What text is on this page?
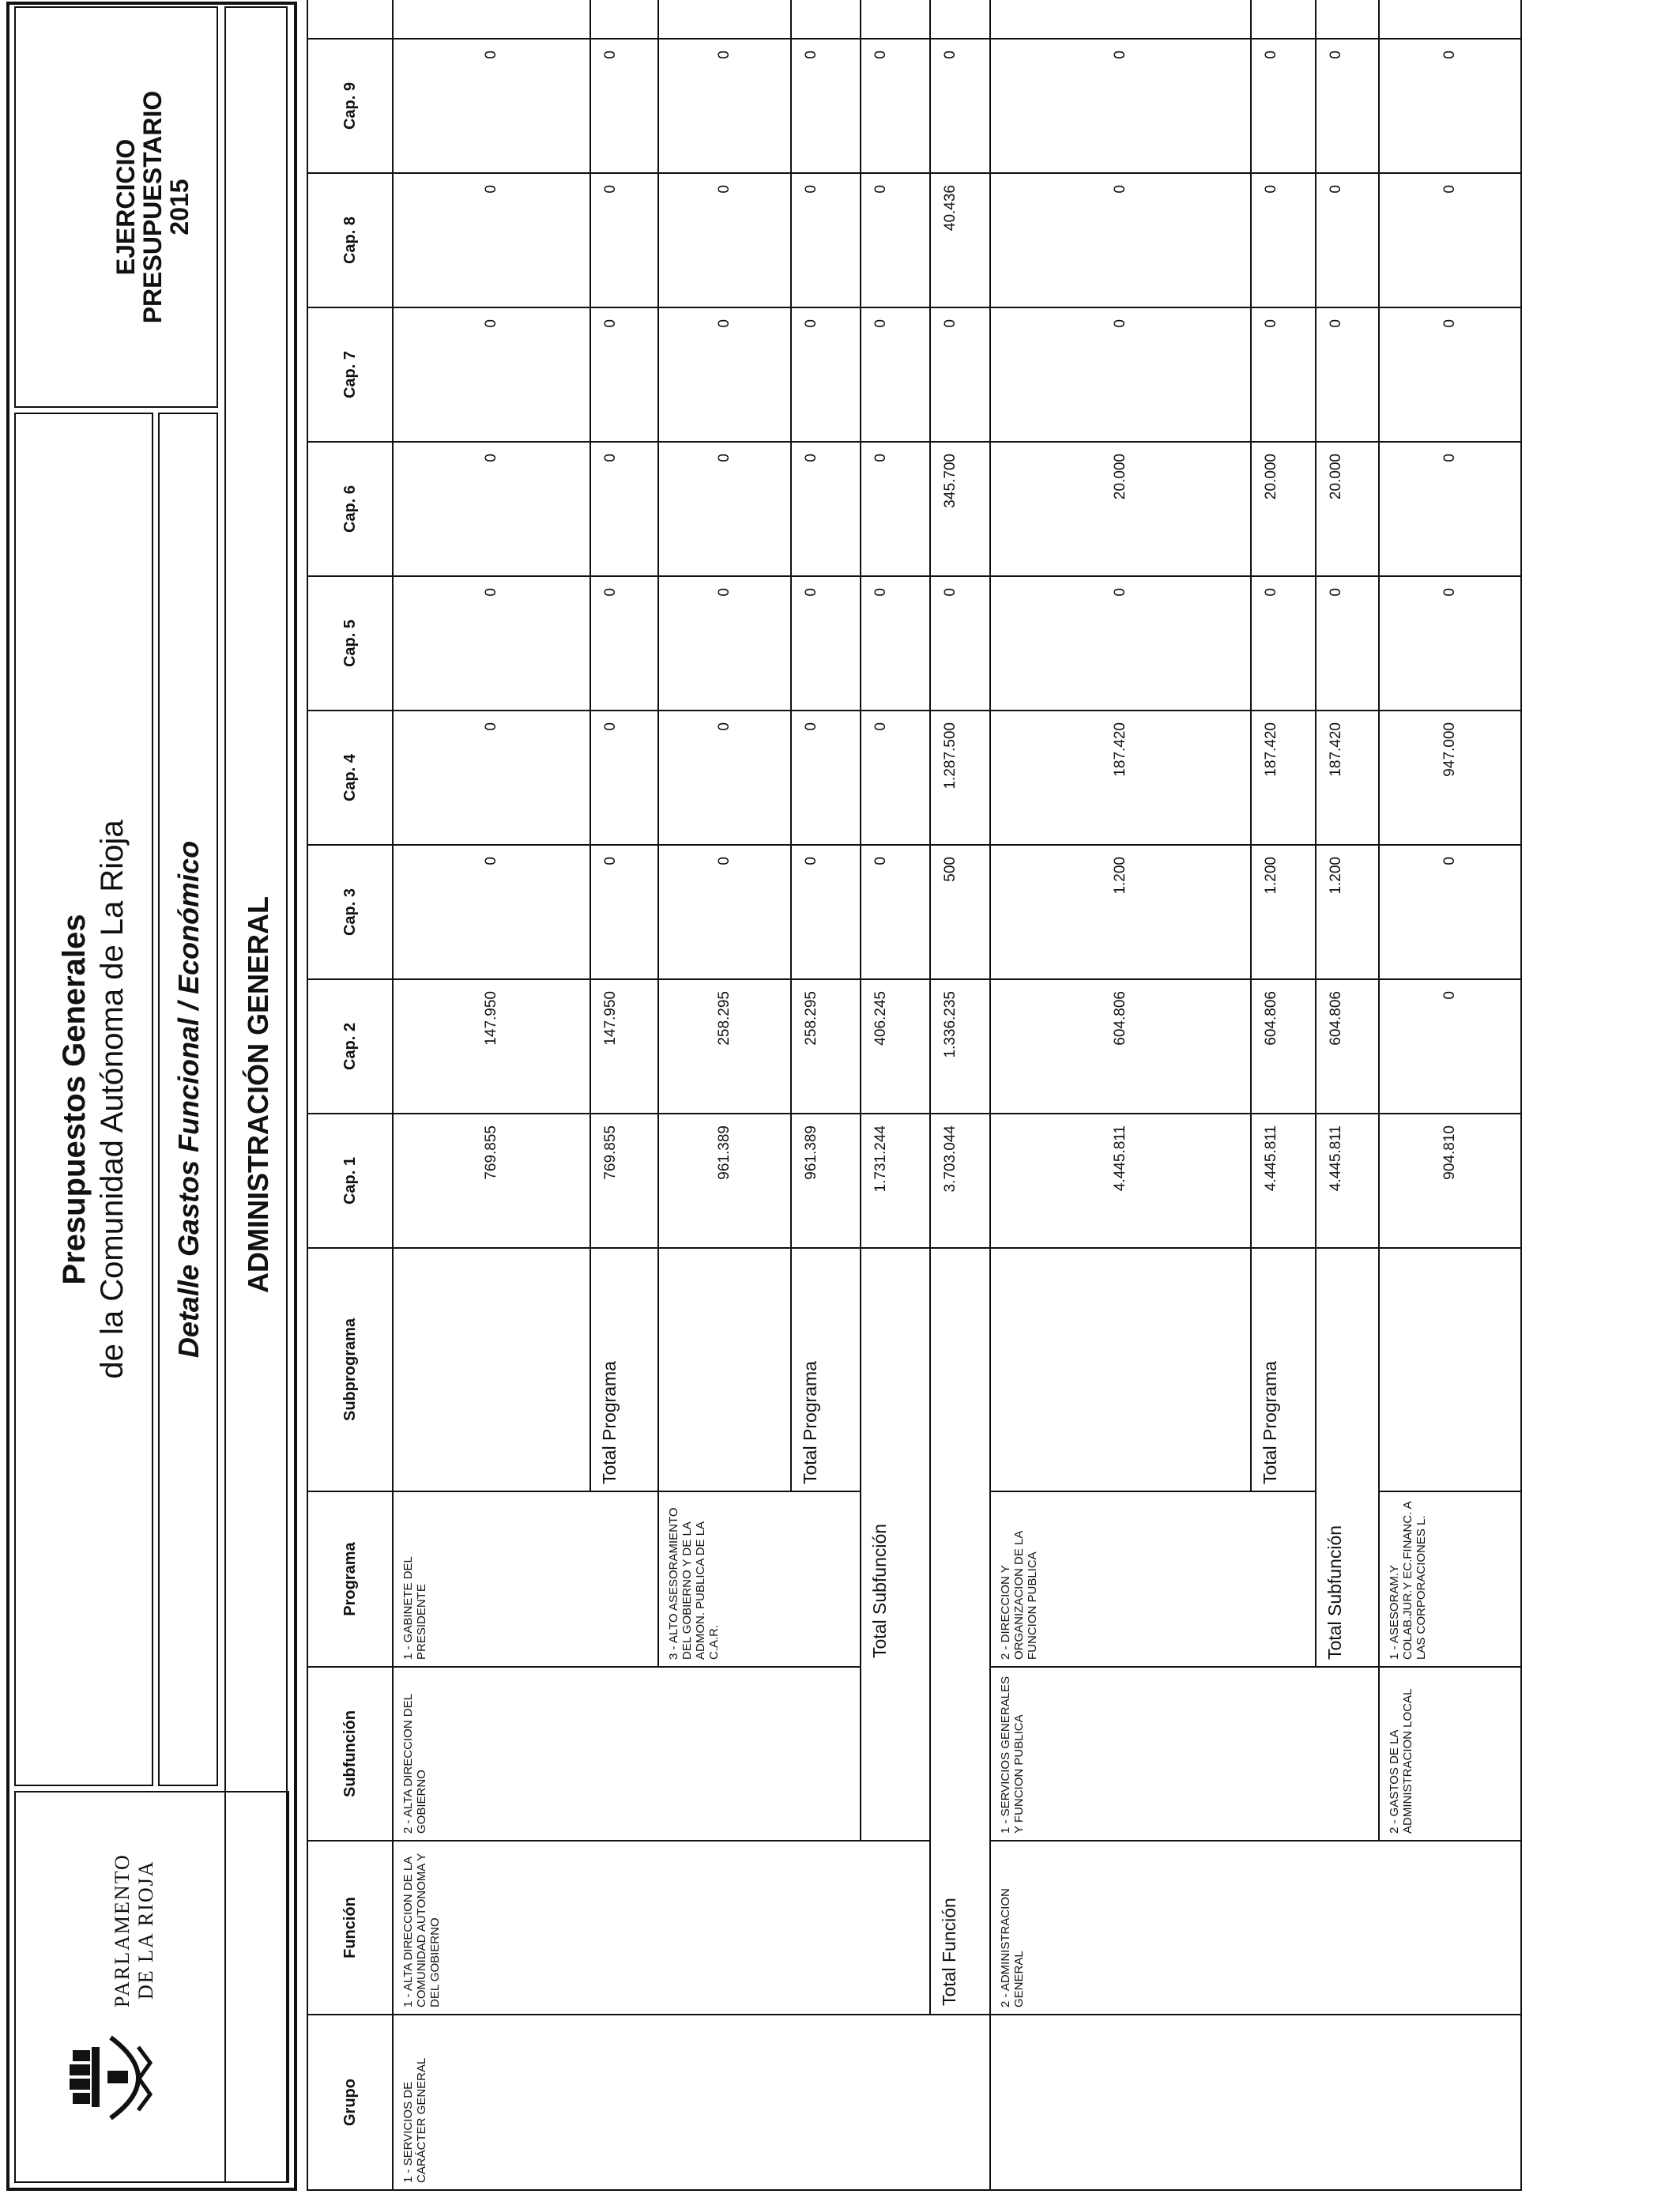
PARLAMENTO DE LA RIOJA
Presupuestos Generales de la Comunidad Autónoma de La Rioja Detalle Gastos Funcional / Económico ADMINISTRACIÓN GENERAL
EJERCICIO
PRESUPUESTARIO
2015
Grupo	Función	Subfunción	Programa	Subprograma	Cap. 1	Cap. 2	Cap. 3	Cap. 4	Cap. 5	Cap. 6	Cap. 7	Cap. 8	Cap. 9	
1 - SERVICIOS DE CARÁCTER GENERAL	1 - ALTA DIRECCION DE LA COMUNIDAD AUTONOMA Y DEL GOBIERNO	2 - ALTA DIRECCION DEL GOBIERNO	1 - GABINETE DEL PRESIDENTE		769.855	147.950	0	0	0	0	0	0	0	
				Total Programa	769.855	147.950	0	0	0	0	0	0	0	
			3 - ALTO ASESORAMIENTO DEL GOBIERNO Y DE LA ADMON. PUBLICA DE LA C.A.R.		961.389	258.295	0	0	0	0	0	0	0	
				Total Programa	961.389	258.295	0	0	0	0	0	0	0	
		Total Subfunción			1.731.244	406.245	0	0	0	0	0	0	0	
	Total Función				3.703.044	1.336.235	500	1.287.500	0	345.700	0	40.436	0	
	2 - ADMINISTRACION GENERAL	1 - SERVICIOS GENERALES Y FUNCION PUBLICA	2 - DIRECCION Y ORGANIZACION DE LA FUNCION PUBLICA		4.445.811	604.806	1.200	187.420	0	20.000	0	0	0	
				Total Programa	4.445.811	604.806	1.200	187.420	0	20.000	0	0	0	
			Total Subfunción		4.445.811	604.806	1.200	187.420	0	20.000	0	0	0	
		2 - GASTOS DE LA ADMINISTRACION LOCAL	1 - ASESORAM.Y COLAB.JUR.Y EC.FINANC. A LAS CORPORACIONES L.		904.810	0	0	947.000	0	0	0	0	0	
